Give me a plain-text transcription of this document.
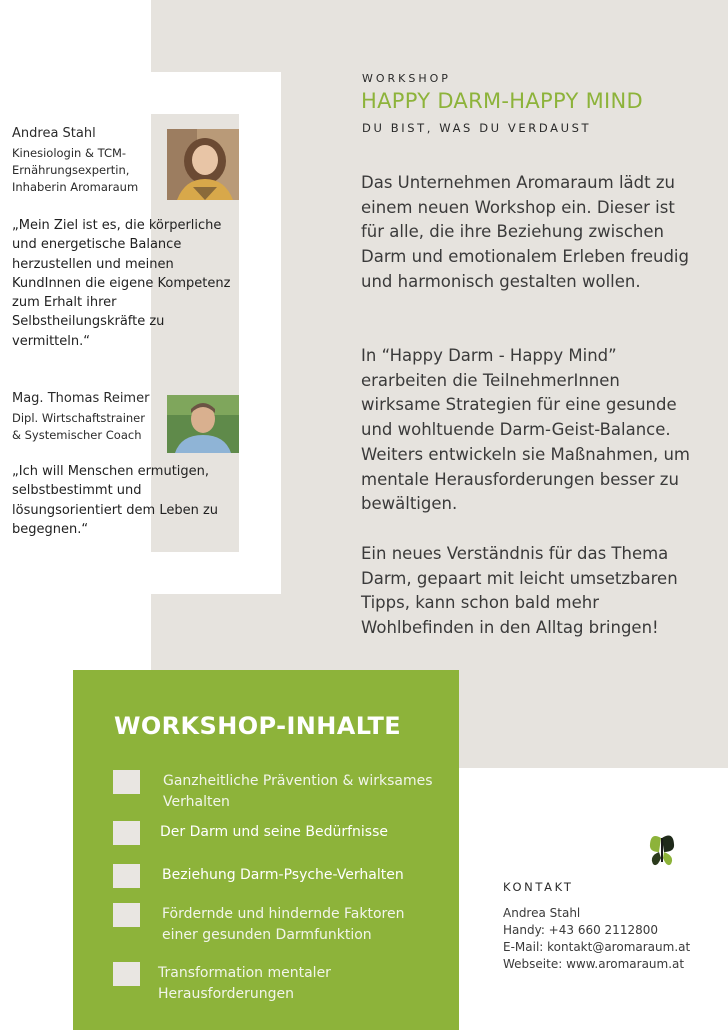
Andrea Stahl
Kinesiologin & TCM-
Ernährungsexpertin,
Inhaberin Aromaraum
„Mein Ziel ist es, die körperliche und energetische Balance herzustellen und meinen KundInnen die eigene Kompetenz zum Erhalt ihrer Selbstheilungskräfte zu vermitteln.“
Mag. Thomas Reimer
Dipl. Wirtschaftstrainer
& Systemischer Coach
„Ich will Menschen ermutigen, selbstbestimmt und lösungsorientiert dem Leben zu begegnen.“
WORKSHOP
HAPPY DARM-HAPPY MIND
DU BIST, WAS DU VERDAUST
Das Unternehmen Aromaraum lädt zu einem neuen Workshop ein. Dieser ist für alle, die ihre Beziehung zwischen Darm und emotionalem Erleben freudig und harmonisch gestalten wollen.
In “Happy Darm - Happy Mind” erarbeiten die TeilnehmerInnen wirksame Strategien für eine gesunde und wohltuende Darm-Geist-Balance. Weiters entwickeln sie Maßnahmen, um mentale Herausforderungen besser zu bewältigen.
Ein neues Verständnis für das Thema Darm, gepaart mit leicht umsetzbaren Tipps, kann schon bald mehr Wohlbefinden in den Alltag bringen!
WORKSHOP-INHALTE
Ganzheitliche Prävention & wirksames Verhalten
Der Darm und seine Bedürfnisse
Beziehung Darm-Psyche-Verhalten
Fördernde und hindernde Faktoren einer gesunden Darmfunktion
Transformation mentaler Herausforderungen
KONTAKT
Andrea Stahl
Handy: +43 660 2112800
E-Mail: kontakt@aromaraum.at
Webseite: www.aromaraum.at
